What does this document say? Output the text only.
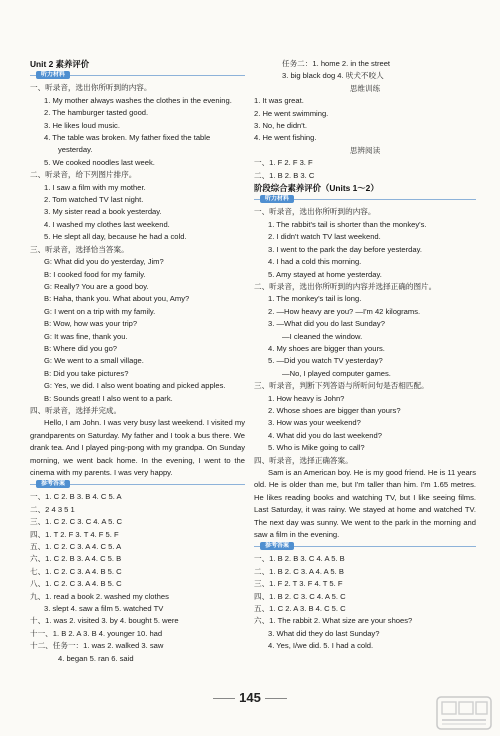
Unit 2 素养评价
听力材料
一、听录音，选出你所听到的内容。
1. My mother always washes the clothes in the evening.
2. The hamburger tasted good.
3. He likes loud music.
4. The table was broken. My father fixed the table
yesterday.
5. We cooked noodles last week.
二、听录音，给下列图片排序。
1. I saw a film with my mother.
2. Tom watched TV last night.
3. My sister read a book yesterday.
4. I washed my clothes last weekend.
5. He slept all day, because he had a cold.
三、听录音，选择恰当答案。
G: What did you do yesterday, Jim?
B: I cooked food for my family.
G: Really? You are a good boy.
B: Haha, thank you. What about you, Amy?
G: I went on a trip with my family.
B: Wow, how was your trip?
G: It was fine, thank you.
B: Where did you go?
G: We went to a small village.
B: Did you take pictures?
G: Yes, we did. I also went boating and picked apples.
B: Sounds great! I also went to a park.
四、听录音，选择并完成。
Hello, I am John. I was very busy last weekend. I visited my grandparents on Saturday. My father and I took a bus there. We drank tea. And I played ping-pong with my grandpa. On Sunday morning, we went back home. In the evening, I went to the cinema with my parents. I was very happy.
参考答案
一、1. C 2. B 3. B 4. C 5. A
二、2 4 3 5 1
三、1. C 2. C 3. C 4. A 5. C
四、1. T 2. F 3. T 4. F 5. F
五、1. C 2. C 3. A 4. C 5. A
六、1. C 2. B 3. A 4. C 5. B
七、1. C 2. C 3. A 4. B 5. C
八、1. C 2. C 3. A 4. B 5. C
九、1. read a book 2. washed my clothes
3. slept 4. saw a film 5. watched TV
十、1. was 2. visited 3. by 4. bought 5. were
十一、1. B 2. A 3. B 4. younger 10. had
十二、任务一：1. was 2. walked 3. saw
4. began 5. ran 6. said
任务二：1. home 2. in the street
3. big black dog 4. 吠犬不咬人
思维训练
1. It was great.
2. He went swimming.
3. No, he didn't.
4. He went fishing.
思辨阅读
一、1. F 2. F 3. F
二、1. B 2. B 3. C
阶段综合素养评价（Units 1～2）
听力材料
一、听录音，选出你所听到的内容。
1. The rabbit's tail is shorter than the monkey's.
2. I didn't watch TV last weekend.
3. I went to the park the day before yesterday.
4. I had a cold this morning.
5. Amy stayed at home yesterday.
二、听录音，选出你所听到的内容并选择正确的图片。
1. The monkey's tail is long.
2. —How heavy are you? —I'm 42 kilograms.
3. —What did you do last Sunday?
—I cleaned the window.
4. My shoes are bigger than yours.
5. —Did you watch TV yesterday?
—No, I played computer games.
三、听录音，判断下列答语与所听问句是否相匹配。
1. How heavy is John?
2. Whose shoes are bigger than yours?
3. How was your weekend?
4. What did you do last weekend?
5. Who is Mike going to call?
四、听录音，选择正确答案。
Sam is an American boy. He is my good friend. He is 11 years old. He is older than me, but I'm taller than him. I'm 1.65 metres. He likes reading books and watching TV, but I like seeing films. Last Saturday, it was rainy. We stayed at home and watched TV. The next day was sunny. We went to the park in the morning and saw a film in the evening.
参考答案
一、1. B 2. B 3. C 4. A 5. B
二、1. B 2. C 3. A 4. A 5. B
三、1. F 2. T 3. F 4. T 5. F
四、1. B 2. C 3. C 4. A 5. C
五、1. C 2. A 3. B 4. C 5. C
六、1. The rabbit 2. What size are your shoes?
3. What did they do last Sunday?
4. Yes, I/we did. 5. I had a cold.
145
